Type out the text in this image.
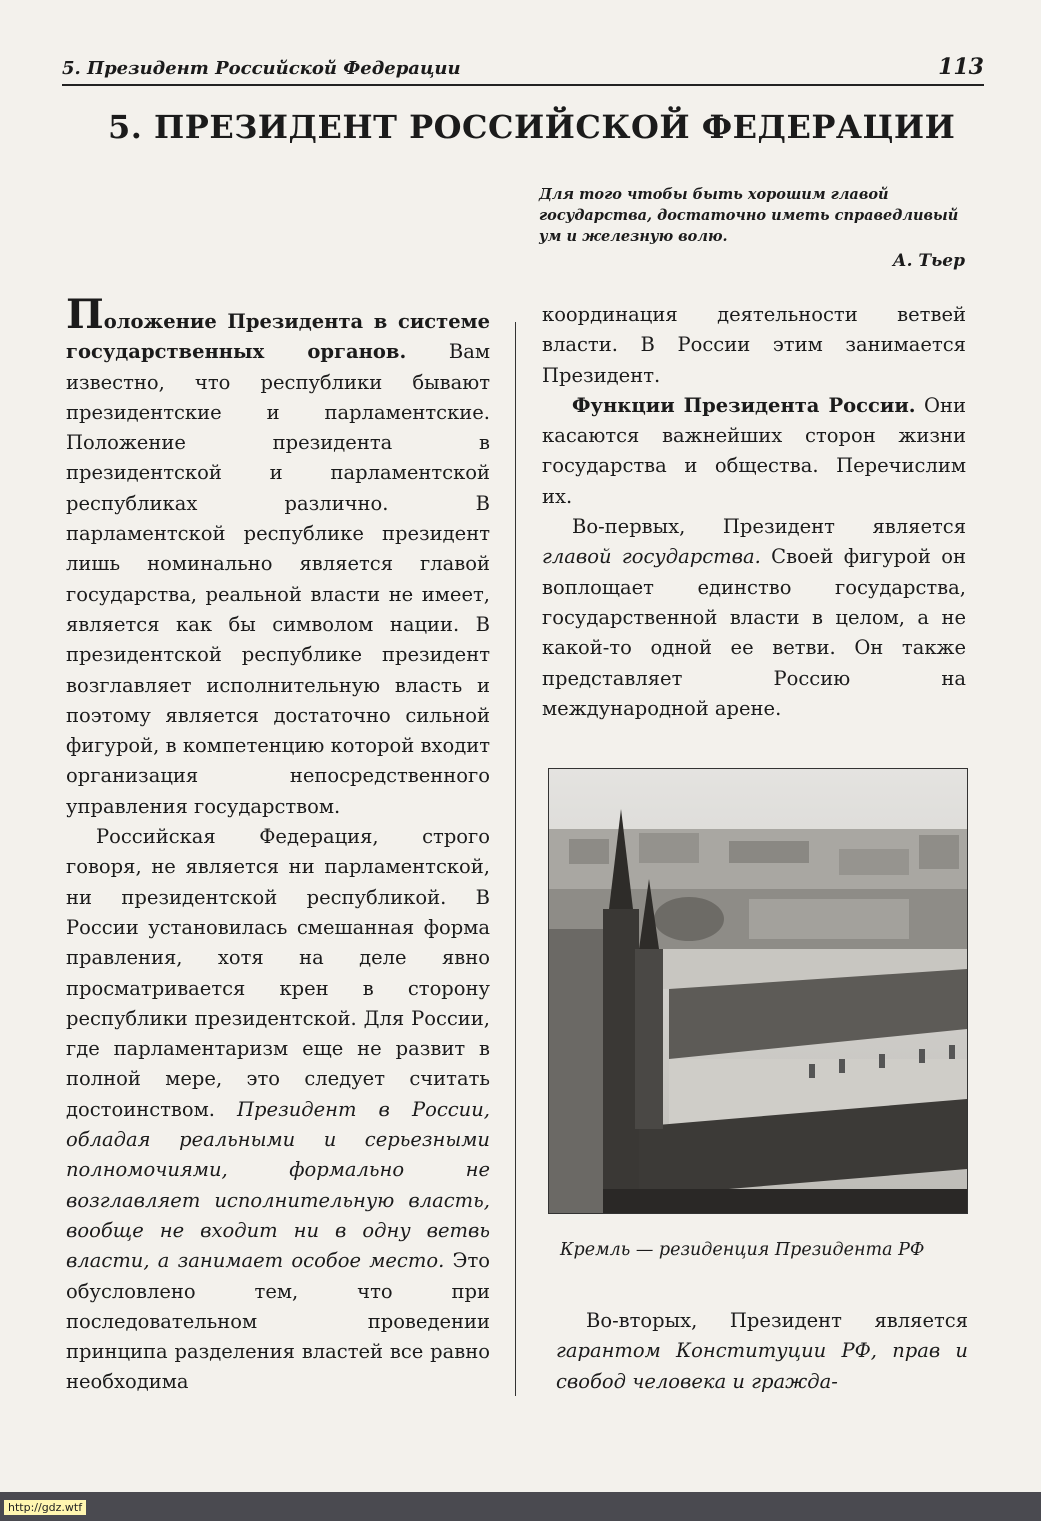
5. Президент Российской Федерации	113
5. ПРЕЗИДЕНТ РОССИЙСКОЙ ФЕДЕРАЦИИ
Для того чтобы быть хорошим главой государства, достаточно иметь справедливый ум и железную волю.
А. Тьер

Положение Президента в системе государственных органов. Вам известно, что республики бывают президентские и парламентские. Положение президента в президентской и парламентской республиках различно. В парламентской республике президент лишь номинально является главой государства, реальной власти не имеет, является как бы символом нации. В президентской республике президент возглавляет исполнительную власть и поэтому является достаточно сильной фигурой, в компетенцию которой входит организация непосредственного управления государством.

Российская Федерация, строго говоря, не является ни парламентской, ни президентской республикой. В России установилась смешанная форма правления, хотя на деле явно просматривается крен в сторону республики президентской. Для России, где парламентаризм еще не развит в полной мере, это следует считать достоинством. Президент в России, обладая реальными и серьезными полномочиями, формально не возглавляет исполнительную власть, вообще не входит ни в одну ветвь власти, а занимает особое место. Это обусловлено тем, что при последовательном проведении принципа разделения властей все равно необходима

координация деятельности ветвей власти. В России этим занимается Президент.

Функции Президента России. Они касаются важнейших сторон жизни государства и общества. Перечислим их.

Во-первых, Президент является главой государства. Своей фигурой он воплощает единство государства, государственной власти в целом, а не какой-то одной ее ветви. Он также представляет Россию на международной арене.

Кремль — резиденция Президента РФ

Во-вторых, Президент является гарантом Конституции РФ, прав и свобод человека и гражда-

http://gdz.wtf
